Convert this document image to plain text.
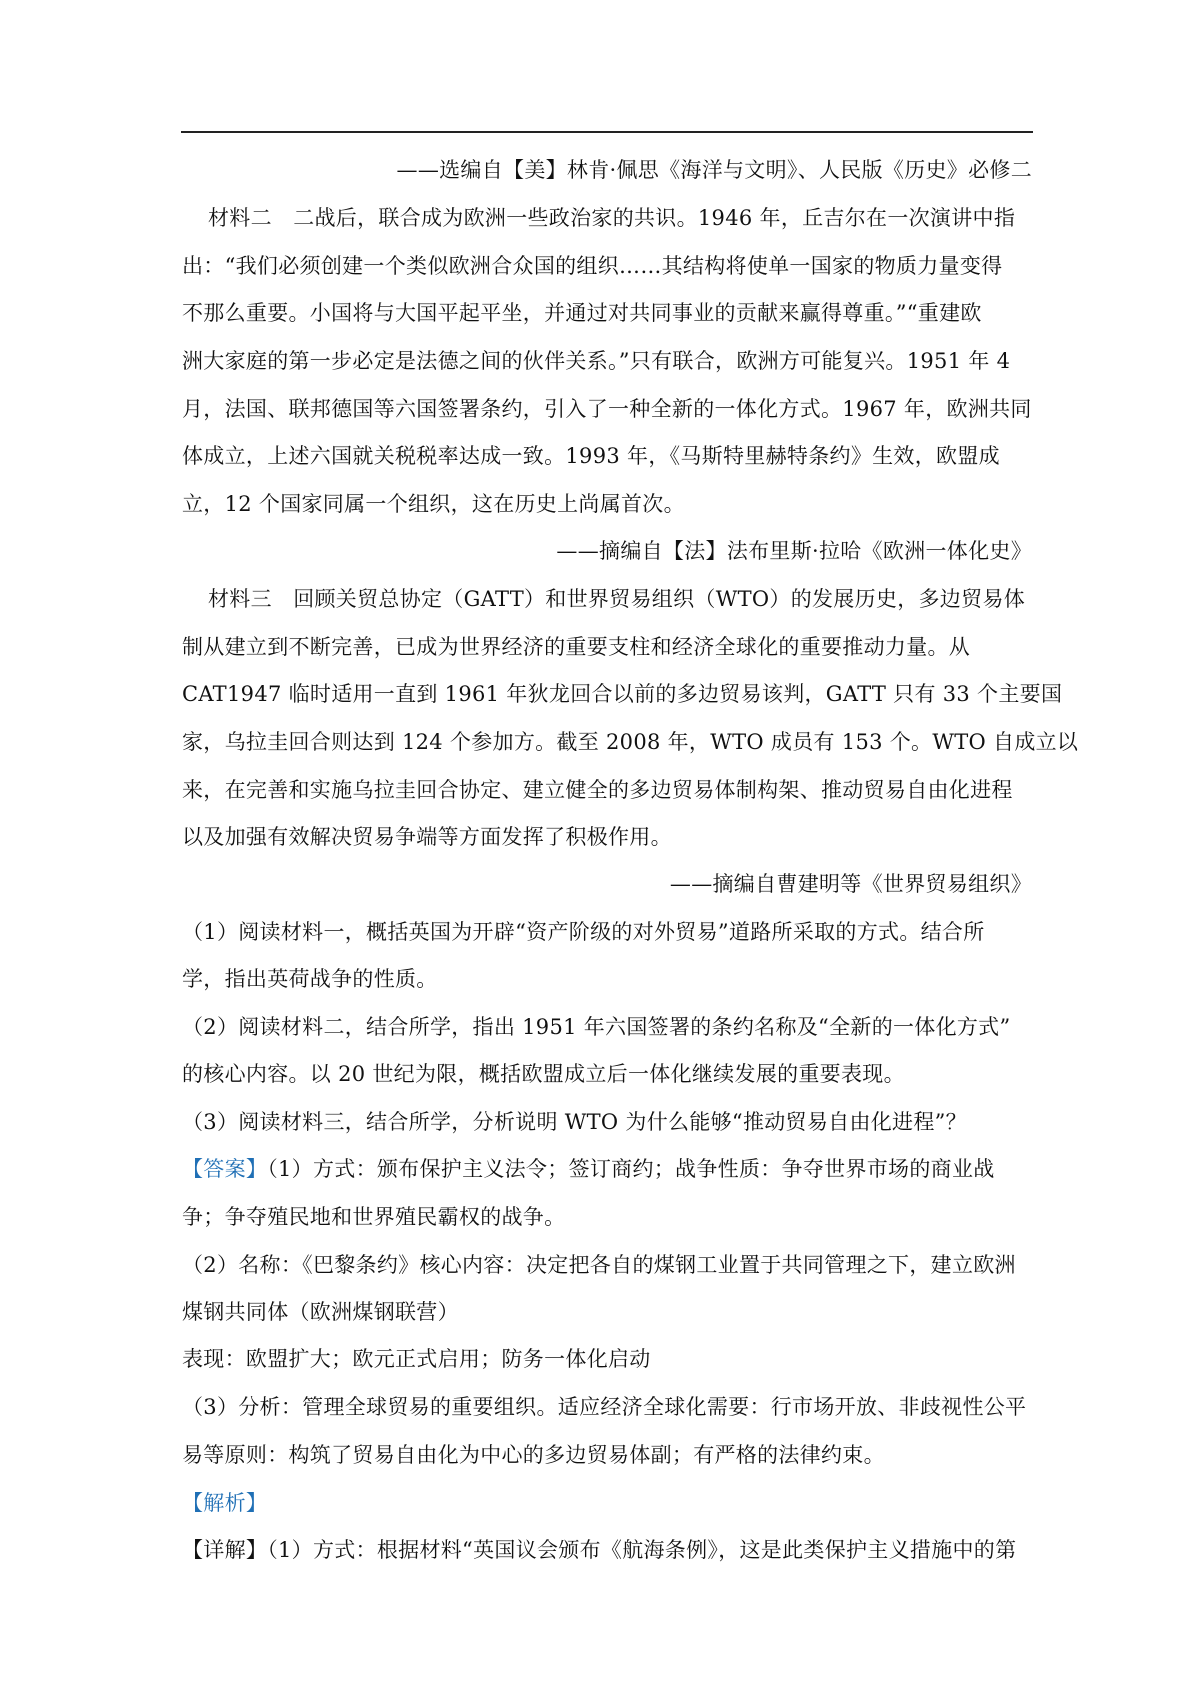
——选编自【美】林肯·佩思《海洋与文明》、人民版《历史》必修二
材料二　二战后，联合成为欧洲一些政治家的共识。1946 年，丘吉尔在一次演讲中指
出：“我们必须创建一个类似欧洲合众国的组织……其结构将使单一国家的物质力量变得
不那么重要。小国将与大国平起平坐，并通过对共同事业的贡献来赢得尊重。”“重建欧
洲大家庭的第一步必定是法德之间的伙伴关系。”只有联合，欧洲方可能复兴。1951 年 4
月，法国、联邦德国等六国签署条约，引入了一种全新的一体化方式。1967 年，欧洲共同
体成立，上述六国就关税税率达成一致。1993 年，《马斯特里赫特条约》生效，欧盟成
立，12 个国家同属一个组织，这在历史上尚属首次。
——摘编自【法】法布里斯·拉哈《欧洲一体化史》
材料三　回顾关贸总协定（GATT）和世界贸易组织（WTO）的发展历史，多边贸易体
制从建立到不断完善，已成为世界经济的重要支柱和经济全球化的重要推动力量。从
CAT1947 临时适用一直到 1961 年狄龙回合以前的多边贸易该判，GATT 只有 33 个主要国
家，乌拉圭回合则达到 124 个参加方。截至 2008 年，WTO 成员有 153 个。WTO 自成立以
来，在完善和实施乌拉圭回合协定、建立健全的多边贸易体制构架、推动贸易自由化进程
以及加强有效解决贸易争端等方面发挥了积极作用。
——摘编自曹建明等《世界贸易组织》
（1）阅读材料一，概括英国为开辟“资产阶级的对外贸易”道路所采取的方式。结合所
学，指出英荷战争的性质。
（2）阅读材料二，结合所学，指出 1951 年六国签署的条约名称及“全新的一体化方式”
的核心内容。以 20 世纪为限，概括欧盟成立后一体化继续发展的重要表现。
（3）阅读材料三，结合所学，分析说明 WTO 为什么能够“推动贸易自由化进程”？
【答案】（1）方式：颁布保护主义法令；签订商约；战争性质：争夺世界市场的商业战
争；争夺殖民地和世界殖民霸权的战争。
（2）名称：《巴黎条约》核心内容：决定把各自的煤钢工业置于共同管理之下，建立欧洲
煤钢共同体（欧洲煤钢联营）
表现：欧盟扩大；欧元正式启用；防务一体化启动
（3）分析：管理全球贸易的重要组织。适应经济全球化需要：行市场开放、非歧视性公平
易等原则：构筑了贸易自由化为中心的多边贸易体副；有严格的法律约束。
【解析】
【详解】（1）方式：根据材料“英国议会颁布《航海条例》，这是此类保护主义措施中的第
